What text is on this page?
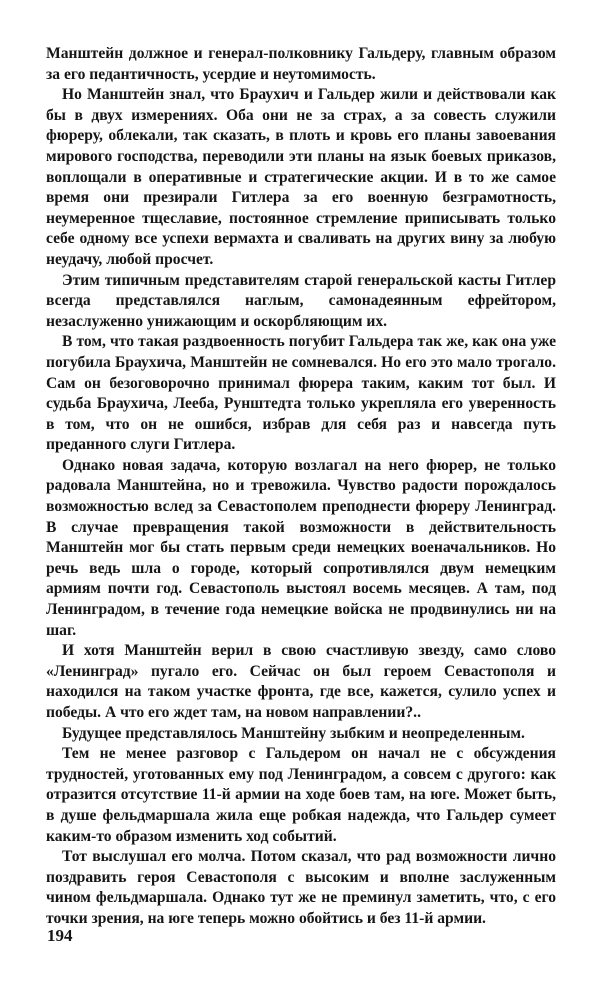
Манштейн должное и генерал-полковнику Гальдеру, главным образом за его педантичность, усердие и неутомимость.

Но Манштейн знал, что Браухич и Гальдер жили и действовали как бы в двух измерениях. Оба они не за страх, а за совесть служили фюреру, облекали, так сказать, в плоть и кровь его планы завоевания мирового господства, переводили эти планы на язык боевых приказов, воплощали в оперативные и стратегические акции. И в то же самое время они презирали Гитлера за его военную безграмотность, неумеренное тщеславие, постоянное стремление приписывать только себе одному все успехи вермахта и сваливать на других вину за любую неудачу, любой просчет.

Этим типичным представителям старой генеральской касты Гитлер всегда представлялся наглым, самонадеянным ефрейтором, незаслуженно унижающим и оскорбляющим их.

В том, что такая раздвоенность погубит Гальдера так же, как она уже погубила Браухича, Манштейн не сомневался. Но его это мало трогало. Сам он безоговорочно принимал фюрера таким, каким тот был. И судьба Браухича, Лееба, Рунштедта только укрепляла его уверенность в том, что он не ошибся, избрав для себя раз и навсегда путь преданного слуги Гитлера.

Однако новая задача, которую возлагал на него фюрер, не только радовала Манштейна, но и тревожила. Чувство радости порождалось возможностью вслед за Севастополем преподнести фюреру Ленинград. В случае превращения такой возможности в действительность Манштейн мог бы стать первым среди немецких военачальников. Но речь ведь шла о городе, который сопротивлялся двум немецким армиям почти год. Севастополь выстоял восемь месяцев. А там, под Ленинградом, в течение года немецкие войска не продвинулись ни на шаг.

И хотя Манштейн верил в свою счастливую звезду, само слово «Ленинград» пугало его. Сейчас он был героем Севастополя и находился на таком участке фронта, где все, кажется, сулило успех и победы. А что его ждет там, на новом направлении?..

Будущее представлялось Манштейну зыбким и неопределенным.

Тем не менее разговор с Гальдером он начал не с обсуждения трудностей, уготованных ему под Ленинградом, а совсем с другого: как отразится отсутствие 11-й армии на ходе боев там, на юге. Может быть, в душе фельдмаршала жила еще робкая надежда, что Гальдер сумеет каким-то образом изменить ход событий.

Тот выслушал его молча. Потом сказал, что рад возможности лично поздравить героя Севастополя с высоким и вполне заслуженным чином фельдмаршала. Однако тут же не преминул заметить, что, с его точки зрения, на юге теперь можно обойтись и без 11-й армии.

194
